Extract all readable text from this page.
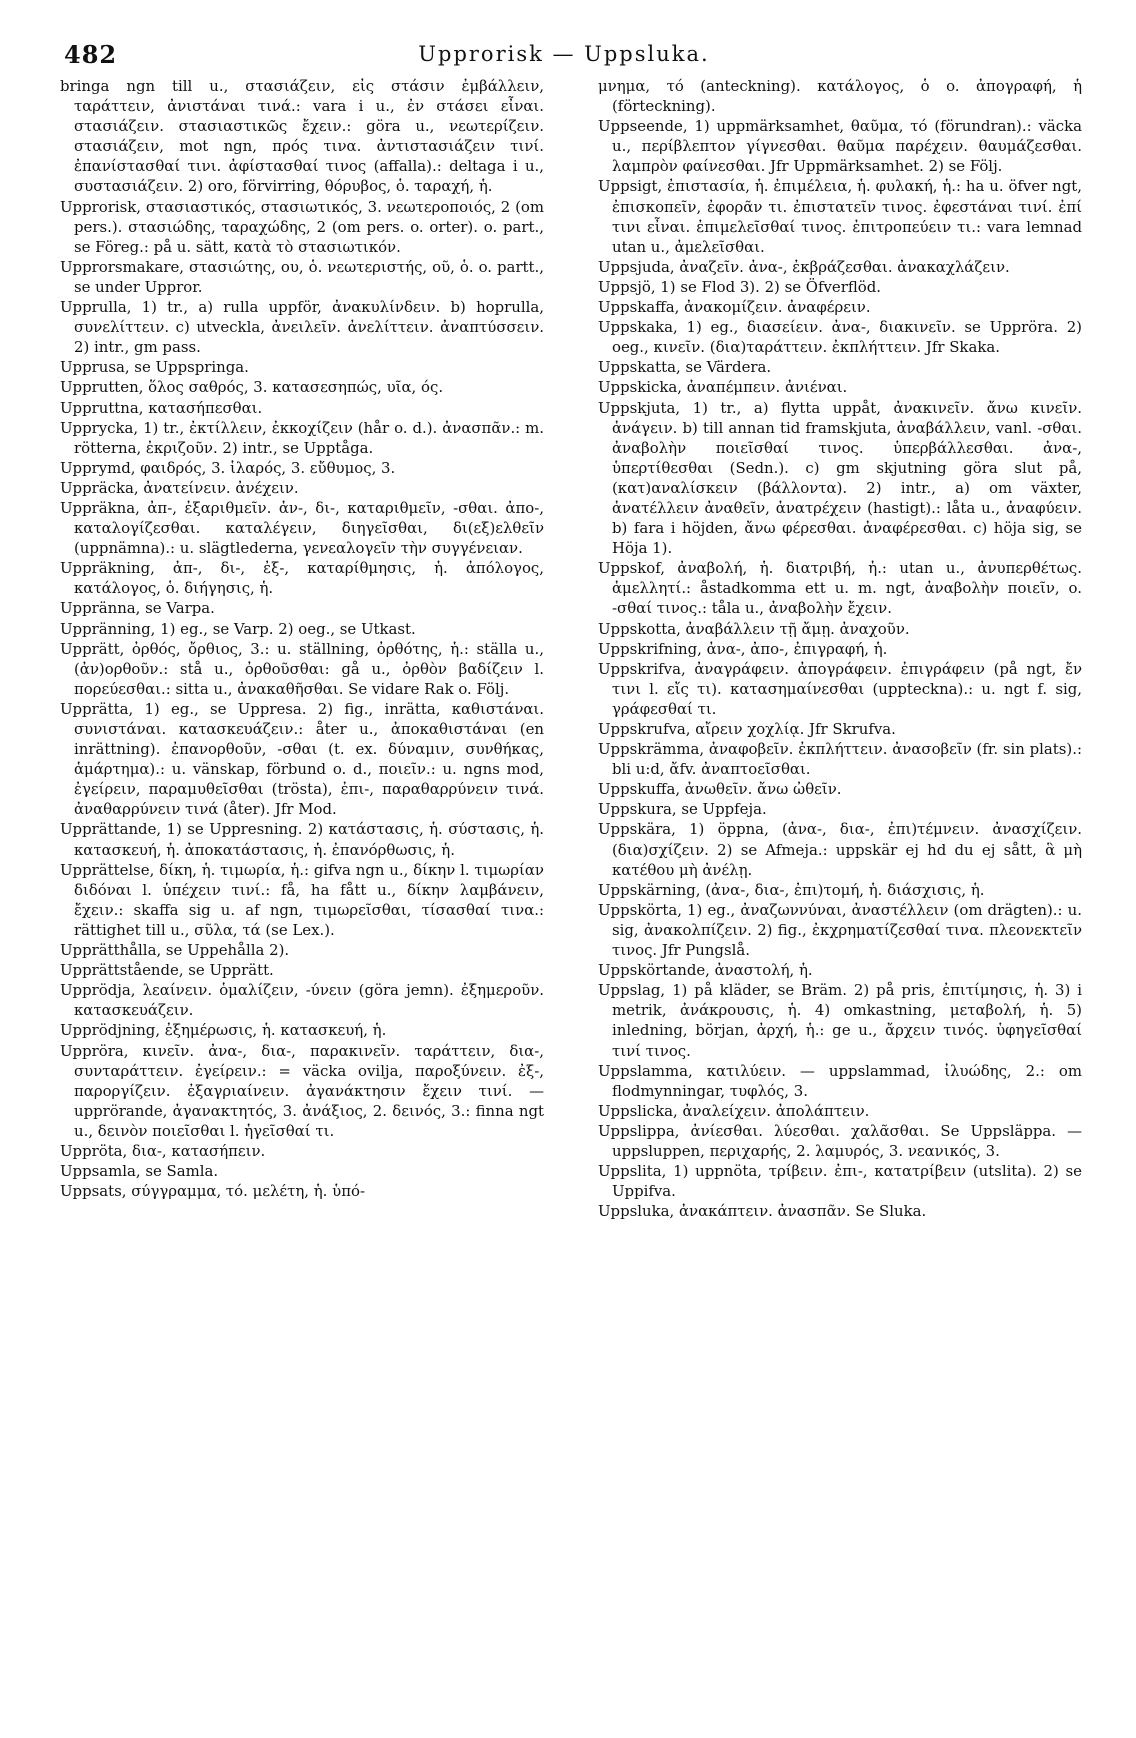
482	Upprorisk — Uppsluka.

bringa ngn till u., στασιάζειν, εἰς στάσιν ἐμβάλλειν, ταράττειν, ἀνιστάναι τινά.: vara i u., ἐν στάσει εἶναι. στασιάζειν. στασιαστικῶς ἔχειν.: göra u., νεωτερίζειν. στασιάζειν, mot ngn, πρός τινα. ἀντιστασιάζειν τινί. ἐπανίστασθαί τινι. ἀφίστασθαί τινος (affalla).: deltaga i u., συστασιάζειν. 2) oro, förvirring, θόρυβος, ὁ. ταραχή, ἡ.

Upprorisk, στασιαστικός, στασιωτικός, 3. νεωτεροποιός, 2 (om pers.). στασιώδης, ταραχώδης, 2 (om pers. o. orter). o. part., se Föreg.: på u. sätt, κατὰ τὸ στασιωτικόν.

Upprorsmakare, στασιώτης, ου, ὁ. νεωτεριστής, οῦ, ὁ. o. partt., se under Uppror.

Upprulla, 1) tr., a) rulla uppför, ἀνακυλίνδειν. b) hoprulla, συνελίττειν. c) utveckla, ἀνειλεῖν. ἀνελίττειν. ἀναπτύσσειν. 2) intr., gm pass.

Upprusa, se Uppspringa.

Upprutten, ὅλος σαθρός, 3. κατασεσηπώς, υῖα, ός.

Uppruttna, κατασήπεσθαι.

Upprycka, 1) tr., ἐκτίλλειν, ἐκκοχίζειν (hår o. d.). ἀνασπᾶν.: m. rötterna, ἐκριζοῦν. 2) intr., se Upptåga.

Upprymd, φαιδρός, 3. ἱλαρός, 3. εὔθυμος, 3.

Uppräcka, ἀνατείνειν. ἀνέχειν.

Uppräkna, ἀπ-, ἐξαριθμεῖν. ἀν-, δι-, καταριθμεῖν, -σθαι. ἀπο-, καταλογίζεσθαι. καταλέγειν, διηγεῖσθαι, δι(εξ)ελθεῖν (uppnämna).: u. slägtlederna, γενεαλογεῖν τὴν συγγένειαν.

Uppräkning, ἀπ-, δι-, ἐξ-, καταρίθμησις, ἡ. ἀπόλογος, κατάλογος, ὁ. διήγησις, ἡ.

Uppränna, se Varpa.

Uppränning, 1) eg., se Varp. 2) oeg., se Utkast.

Upprätt, ὀρθός, ὄρθιος, 3.: u. ställning, ὀρθότης, ἡ.: ställa u., (ἀν)ορθοῦν.: stå u., ὀρθοῦσθαι: gå u., ὀρθὸν βαδίζειν l. πορεύεσθαι.: sitta u., ἀνακαθῆσθαι. Se vidare Rak o. Följ.

Upprätta, 1) eg., se Uppresa. 2) fig., inrätta, καθιστάναι. συνιστάναι. κατασκευάζειν.: åter u., ἀποκαθιστάναι (en inrättning). ἐπανορθοῦν, -σθαι (t. ex. δύναμιν, συνθήκας, ἁμάρτημα).: u. vänskap, förbund o. d., ποιεῖν.: u. ngns mod, ἐγείρειν, παραμυθεῖσθαι (trösta), ἐπι-, παραθαρρύνειν τινά. ἀναθαρρύνειν τινά (åter). Jfr Mod.

Upprättande, 1) se Uppresning. 2) κατάστασις, ἡ. σύστασις, ἡ. κατασκευή, ἡ. ἀποκατάστασις, ἡ. ἐπανόρθωσις, ἡ.

Upprättelse, δίκη, ἡ. τιμωρία, ἡ.: gifva ngn u., δίκην l. τιμωρίαν διδόναι l. ὑπέχειν τινί.: få, ha fått u., δίκην λαμβάνειν, ἔχειν.: skaffa sig u. af ngn, τιμωρεῖσθαι, τίσασθαί τινα.: rättighet till u., σῦλα, τά (se Lex.).

Upprätthålla, se Uppehålla 2).

Upprättstående, se Upprätt.

Upprödja, λεαίνειν. ὁμαλίζειν, -ύνειν (göra jemn). ἐξημεροῦν. κατασκευάζειν.

Upprödjning, ἐξημέρωσις, ἡ. κατασκευή, ἡ.

Uppröra, κινεῖν. ἀνα-, δια-, παρακινεῖν. ταράττειν, δια-, συνταράττειν. ἐγείρειν.: = väcka ovilja, παροξύνειν. ἐξ-, παροργίζειν. ἐξαγριαίνειν. ἀγανάκτησιν ἔχειν τινί. — upprörande, ἀγανακτητός, 3. ἀνάξιος, 2. δεινός, 3.: finna ngt u., δεινὸν ποιεῖσθαι l. ἡγεῖσθαί τι.

Uppröta, δια-, κατασήπειν.

Uppsamla, se Samla.

Uppsats, σύγγραμμα, τό. μελέτη, ἡ. ὑπό-

μνημα, τό (anteckning). κατάλογος, ὁ o. ἀπογραφή, ἡ (förteckning).

Uppseende, 1) uppmärksamhet, θαῦμα, τό (förundran).: väcka u., περίβλεπτον γίγνεσθαι. θαῦμα παρέχειν. θαυμάζεσθαι. λαμπρὸν φαίνεσθαι. Jfr Uppmärksamhet. 2) se Följ.

Uppsigt, ἐπιστασία, ἡ. ἐπιμέλεια, ἡ. φυλακή, ἡ.: ha u. öfver ngt, ἐπισκοπεῖν, ἐφορᾶν τι. ἐπιστατεῖν τινος. ἐφεστάναι τινί. ἐπί τινι εἶναι. ἐπιμελεῖσθαί τινος. ἐπιτροπεύειν τι.: vara lemnad utan u., ἀμελεῖσθαι.

Uppsjuda, ἀναζεῖν. ἀνα-, ἐκβράζεσθαι. ἀνακαχλάζειν.

Uppsjö, 1) se Flod 3). 2) se Öfverflöd.

Uppskaffa, ἀνακομίζειν. ἀναφέρειν.

Uppskaka, 1) eg., διασείειν. ἀνα-, διακινεῖν. se Uppröra. 2) oeg., κινεῖν. (δια)ταράττειν. ἐκπλήττειν. Jfr Skaka.

Uppskatta, se Värdera.

Uppskicka, ἀναπέμπειν. ἀνιέναι.

Uppskjuta, 1) tr., a) flytta uppåt, ἀνακινεῖν. ἄνω κινεῖν. ἀνάγειν. b) till annan tid framskjuta, ἀναβάλλειν, vanl. -σθαι. ἀναβολὴν ποιεῖσθαί τινος. ὑπερβάλλεσθαι. ἀνα-, ὑπερτίθεσθαι (Sedn.). c) gm skjutning göra slut på, (κατ)αναλίσκειν (βάλλοντα). 2) intr., a) om växter, ἀνατέλλειν ἀναθεῖν, ἀνατρέχειν (hastigt).: låta u., ἀναφύειν. b) fara i höjden, ἄνω φέρεσθαι. ἀναφέρεσθαι. c) höja sig, se Höja 1).

Uppskof, ἀναβολή, ἡ. διατριβή, ἡ.: utan u., ἀνυπερθέτως. ἀμελλητί.: åstadkomma ett u. m. ngt, ἀναβολὴν ποιεῖν, o. -σθαί τινος.: tåla u., ἀναβολὴν ἔχειν.

Uppskotta, ἀναβάλλειν τῇ ἄμῃ. ἀναχοῦν.

Uppskrifning, ἀνα-, ἀπο-, ἐπιγραφή, ἡ.

Uppskrifva, ἀναγράφειν. ἀπογράφειν. ἐπιγράφειν (på ngt, ἔν τινι l. εἴς τι). κατασημαίνεσθαι (upptecknа).: u. ngt f. sig, γράφεσθαί τι.

Uppskrufva, αἴρειν χοχλίᾳ. Jfr Skrufva.

Uppskrämma, ἀναφοβεῖν. ἐκπλήττειν. ἀνασοβεῖν (fr. sin plats).: bli u:d, ἄfv. ἀναπτοεῖσθαι.

Uppskuffa, ἀνωθεῖν. ἄνω ὠθεῖν.

Uppskura, se Uppfeja.

Uppskära, 1) öppna, (ἀνα-, δια-, ἐπι)τέμνειν. ἀνασχίζειν. (δια)σχίζειν. 2) se Afmeja.: uppskär ej hd du ej sått, ἃ μὴ κατέθου μὴ ἀνέλῃ.

Uppskärning, (ἀνα-, δια-, ἐπι)τομή, ἡ. διάσχισις, ἡ.

Uppskörta, 1) eg., ἀναζωννύναι, ἀναστέλλειν (om drägten).: u. sig, ἀνακολπίζειν. 2) fig., ἐκχρηματίζεσθαί τινα. πλεονεκτεῖν τινος. Jfr Pungslå.

Uppskörtande, ἀναστολή, ἡ.

Uppslag, 1) på kläder, se Bräm. 2) på pris, ἐπιτίμησις, ἡ. 3) i metrik, ἀνάκρουσις, ἡ. 4) omkastning, μεταβολή, ἡ. 5) inledning, början, ἀρχή, ἡ.: ge u., ἄρχειν τινός. ὑφηγεῖσθαί τινί τινος.

Uppslamma, κατιλύειν. — uppslammad, ἰλυώδης, 2.: om flodmynningar, τυφλός, 3.

Uppslicka, ἀναλείχειν. ἀπολάπτειν.

Uppslippa, ἀνίεσθαι. λύεσθαι. χαλᾶσθαι. Se Uppsläppa. — uppsluppen, περιχαρής, 2. λαμυρός, 3. νεανικός, 3.

Uppslita, 1) uppnöta, τρίβειν. ἐπι-, κατατρίβειν (utslita). 2) se Uppifva.

Uppsluka, ἀνακάπτειν. ἀνασπᾶν. Se Sluka.
